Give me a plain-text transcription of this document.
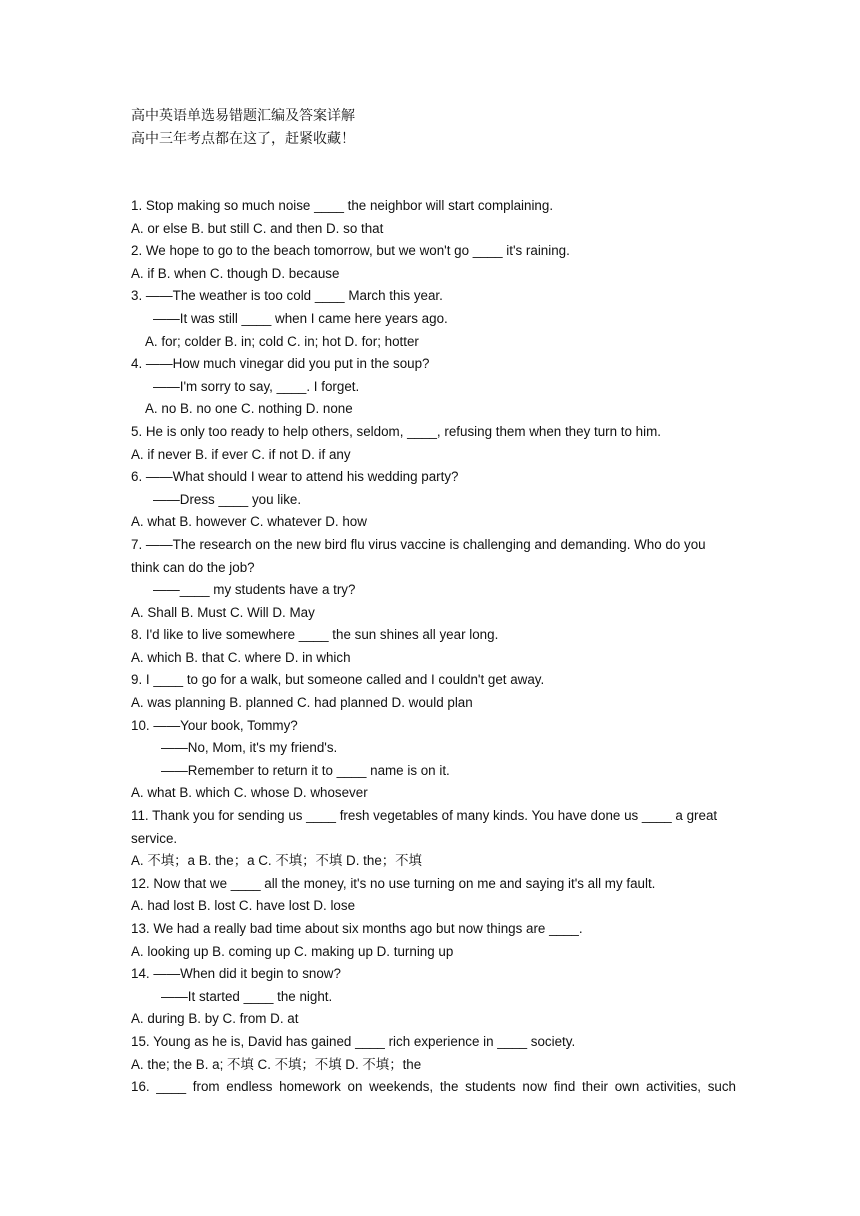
高中英语单选易错题汇编及答案详解
高中三年考点都在这了，赶紧收藏！
1. Stop making so much noise ____ the neighbor will start complaining.
A. or else B. but still C. and then D. so that
2. We hope to go to the beach tomorrow, but we won't go ____ it's raining.
A. if B. when C. though D. because
3. ——The weather is too cold ____ March this year.
——It was still ____ when I came here years ago.
A. for; colder B. in; cold C. in; hot D. for; hotter
4. ——How much vinegar did you put in the soup?
——I'm sorry to say, ____. I forget.
A. no B. no one C. nothing D. none
5. He is only too ready to help others, seldom, ____, refusing them when they turn to him.
A. if never B. if ever C. if not D. if any
6. ——What should I wear to attend his wedding party?
——Dress ____ you like.
A. what B. however C. whatever D. how
7. ——The research on the new bird flu virus vaccine is challenging and demanding. Who do you think can do the job?
——____ my students have a try?
A. Shall B. Must C. Will D. May
8. I'd like to live somewhere ____ the sun shines all year long.
A. which B. that C. where D. in which
9. I ____ to go for a walk, but someone called and I couldn't get away.
A. was planning B. planned C. had planned D. would plan
10. ——Your book, Tommy?
——No, Mom, it's my friend's.
——Remember to return it to ____ name is on it.
A. what B. which C. whose D. whosever
11. Thank you for sending us ____ fresh vegetables of many kinds. You have done us ____ a great service.
A. 不填；a B. the；a C. 不填；不填 D. the；不填
12. Now that we ____ all the money, it's no use turning on me and saying it's all my fault.
A. had lost B. lost C. have lost D. lose
13. We had a really bad time about six months ago but now things are ____.
A. looking up B. coming up C. making up D. turning up
14. ——When did it begin to snow?
——It started ____ the night.
A. during B. by C. from D. at
15. Young as he is, David has gained ____ rich experience in ____ society.
A. the; the B. a; 不填 C. 不填；不填 D. 不填；the
16. ____ from endless homework on weekends, the students now find their own activities, such
